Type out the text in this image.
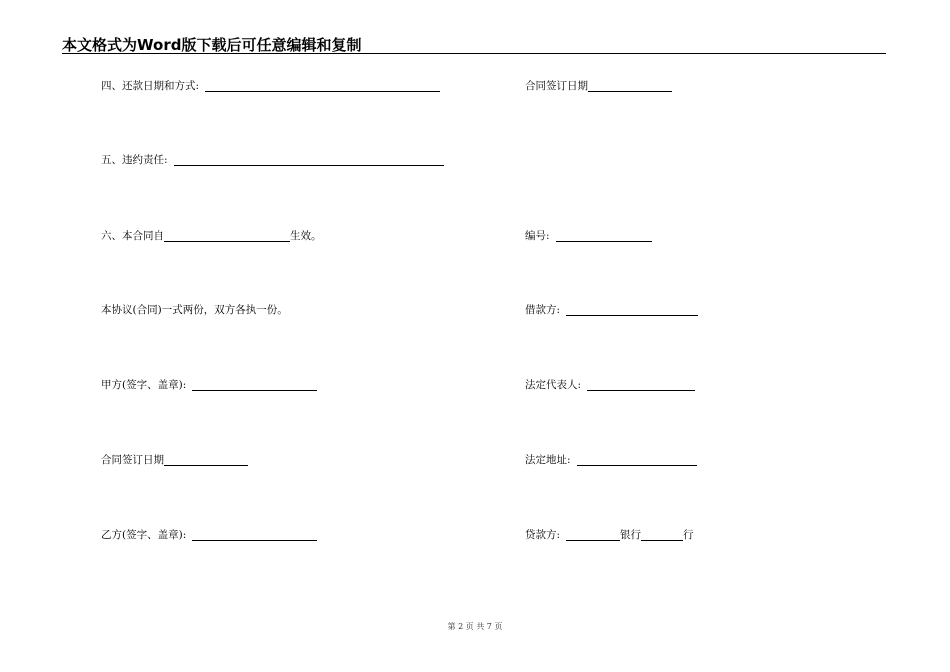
本文格式为Word版下载后可任意编辑和复制
四、还款日期和方式:
五、违约责任:
六、本合同自	生效。
本协议(合同)一式两份，双方各执一份。
甲方(签字、盖章):
合同签订日期
乙方(签字、盖章):
合同签订日期
编号:
借款方:
法定代表人:
法定地址:
贷款方:	银行	行
第 2 页 共 7 页
